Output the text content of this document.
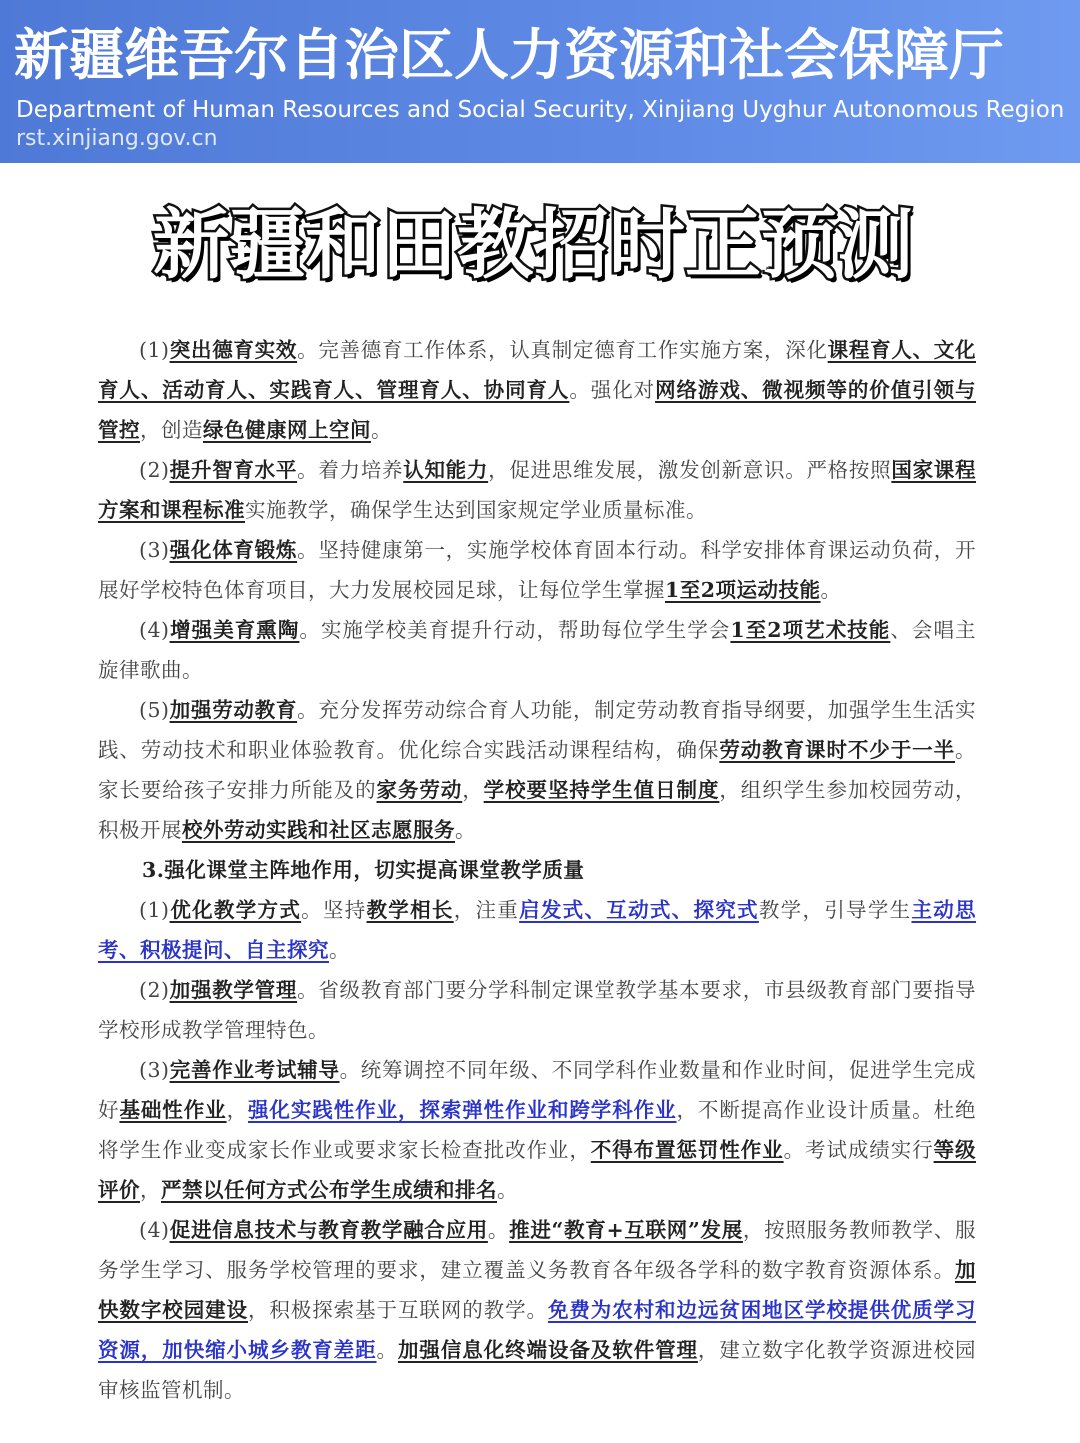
新疆维吾尔自治区人力资源和社会保障厅
Department of Human Resources and Social Security, Xinjiang Uyghur Autonomous Region
rst.xinjiang.gov.cn
新疆和田教招时正预测

(1)突出德育实效。完善德育工作体系，认真制定德育工作实施方案，深化课程育人、文化育人、活动育人、实践育人、管理育人、协同育人。强化对网络游戏、微视频等的价值引领与管控，创造绿色健康网上空间。

(2)提升智育水平。着力培养认知能力，促进思维发展，激发创新意识。严格按照国家课程方案和课程标准实施教学，确保学生达到国家规定学业质量标准。

(3)强化体育锻炼。坚持健康第一，实施学校体育固本行动。科学安排体育课运动负荷，开展好学校特色体育项目，大力发展校园足球，让每位学生掌握1至2项运动技能。

(4)增强美育熏陶。实施学校美育提升行动，帮助每位学生学会1至2项艺术技能、会唱主旋律歌曲。

(5)加强劳动教育。充分发挥劳动综合育人功能，制定劳动教育指导纲要，加强学生生活实践、劳动技术和职业体验教育。优化综合实践活动课程结构，确保劳动教育课时不少于一半。家长要给孩子安排力所能及的家务劳动，学校要坚持学生值日制度，组织学生参加校园劳动，积极开展校外劳动实践和社区志愿服务。

3.强化课堂主阵地作用，切实提高课堂教学质量

(1)优化教学方式。坚持教学相长，注重启发式、互动式、探究式教学，引导学生主动思考、积极提问、自主探究。

(2)加强教学管理。省级教育部门要分学科制定课堂教学基本要求，市县级教育部门要指导学校形成教学管理特色。

(3)完善作业考试辅导。统筹调控不同年级、不同学科作业数量和作业时间，促进学生完成好基础性作业，强化实践性作业，探索弹性作业和跨学科作业，不断提高作业设计质量。杜绝将学生作业变成家长作业或要求家长检查批改作业，不得布置惩罚性作业。考试成绩实行等级评价，严禁以任何方式公布学生成绩和排名。

(4)促进信息技术与教育教学融合应用。推进“教育+互联网”发展，按照服务教师教学、服务学生学习、服务学校管理的要求，建立覆盖义务教育各年级各学科的数字教育资源体系。加快数字校园建设，积极探索基于互联网的教学。免费为农村和边远贫困地区学校提供优质学习资源，加快缩小城乡教育差距。加强信息化终端设备及软件管理，建立数字化教学资源进校园审核监管机制。
